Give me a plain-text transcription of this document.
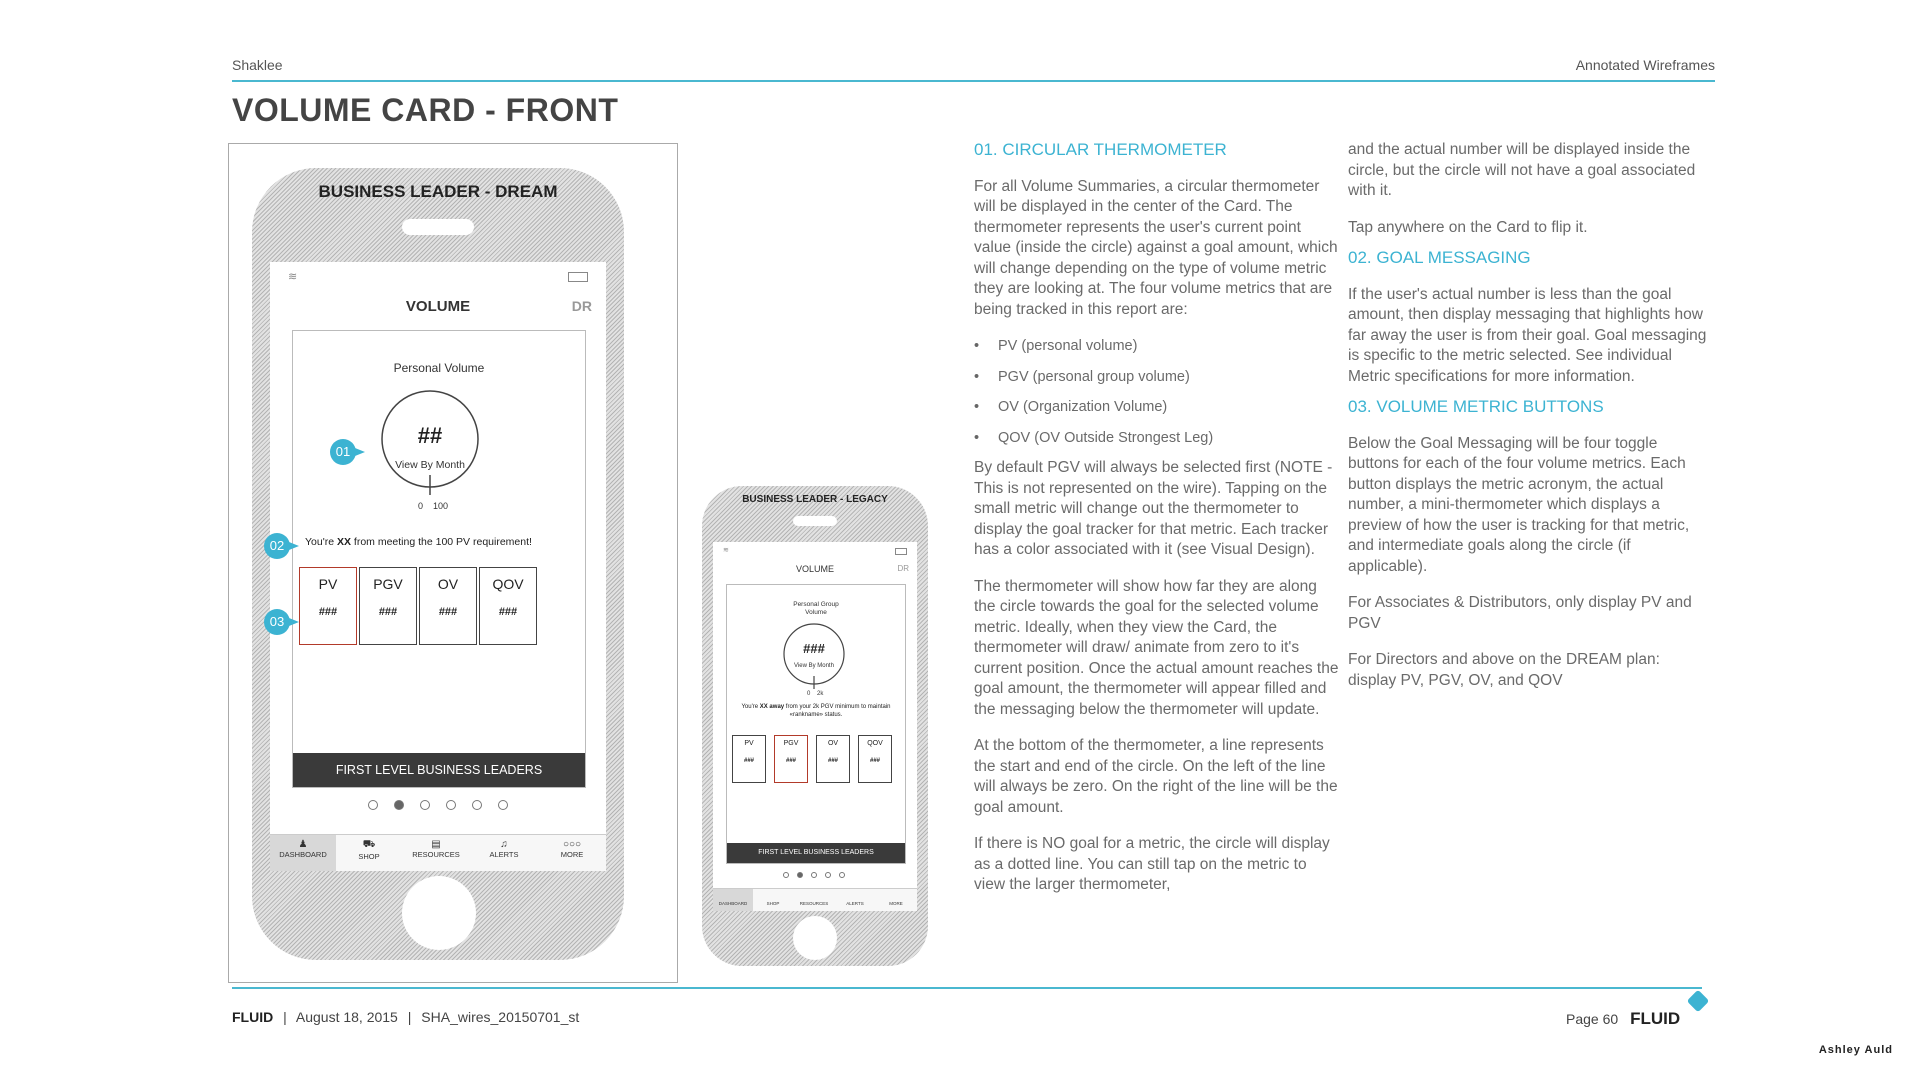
Shaklee	Annotated Wireframes
VOLUME CARD - FRONT
BUSINESS LEADER - DREAM
≋
VOLUME	DR
Personal Volume
##
View By Month
0 100
You're XX from meeting the 100 PV requirement!
PV
###
PGV
###
OV
###
QOV
###
FIRST LEVEL BUSINESS LEADERS
♟
DASHBOARD
⛟
SHOP
▤
RESOURCES
♫
ALERTS
○○○
MORE
01
02
03
BUSINESS LEADER - LEGACY
≋
VOLUME	DR
Personal Group
Volume
###
View By Month
0 2k
You're XX away from your 2k PGV minimum to maintain «rankname» status.
PV
###
PGV
###
OV
###
QOV
###
FIRST LEVEL BUSINESS LEADERS
DASHBOARD	SHOP	RESOURCES	ALERTS	MORE
01. CIRCULAR THERMOMETER

For all Volume Summaries, a circular thermometer will be displayed in the center of the Card. The thermometer represents the user's current point value (inside the circle) against a goal amount, which will change depending on the type of volume metric they are looking at. The four volume metrics that are being tracked in this report are:

• PV (personal volume)
• PGV (personal group volume)
• OV (Organization Volume)
• QOV (OV Outside Strongest Leg)

By default PGV will always be selected first (NOTE - This is not represented on the wire). Tapping on the small metric will change out the thermometer to display the goal tracker for that metric. Each tracker has a color associated with it (see Visual Design).

The thermometer will show how far they are along the circle towards the goal for the selected volume metric. Ideally, when they view the Card, the thermometer will draw/ animate from zero to it's current position. Once the actual amount reaches the goal amount, the thermometer will appear filled and the messaging below the thermometer will update.

At the bottom of the thermometer, a line represents the start and end of the circle. On the left of the line will always be zero. On the right of the line will be the goal amount.

If there is NO goal for a metric, the circle will display as a dotted line. You can still tap on the metric to view the larger thermometer,

and the actual number will be displayed inside the circle, but the circle will not have a goal associated with it.

Tap anywhere on the Card to flip it.

02. GOAL MESSAGING

If the user's actual number is less than the goal amount, then display messaging that highlights how far away the user is from their goal. Goal messaging is specific to the metric selected. See individual Metric specifications for more information.

03. VOLUME METRIC BUTTONS

Below the Goal Messaging will be four toggle buttons for each of the four volume metrics. Each button displays the metric acronym, the actual number, a mini-thermometer which displays a preview of how the user is tracking for that metric, and intermediate goals along the circle (if applicable).

For Associates & Distributors, only display PV and PGV

For Directors and above on the DREAM plan: display PV, PGV, OV, and QOV

FLUID | August 18, 2015 | SHA_wires_20150701_st	Page 60 FLUID
Ashley Auld
